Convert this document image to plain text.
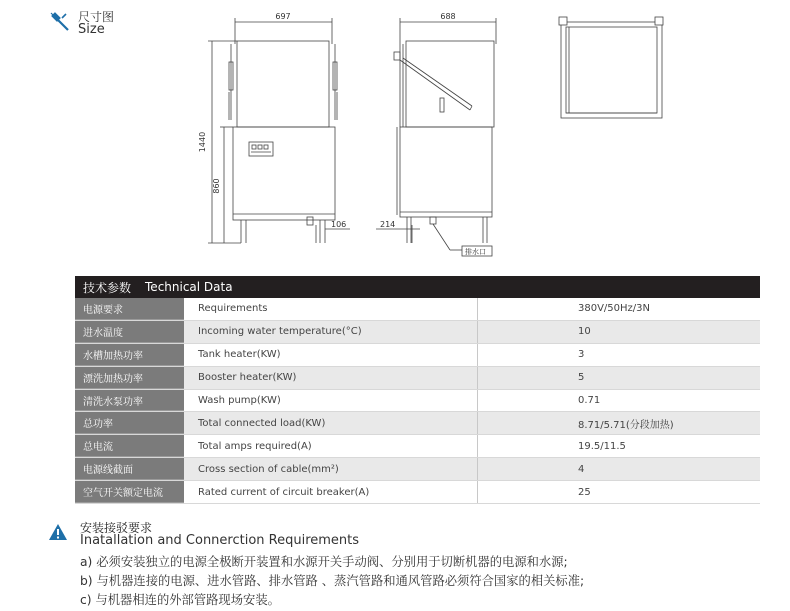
尺寸图
Size
697	688
1440
860
106	214
排水口
技术参数 Technical Data
电源要求	Requirements	380V/50Hz/3N
进水温度	Incoming water temperature(°C)	10
水槽加热功率	Tank heater(KW)	3
漂洗加热功率	Booster heater(KW)	5
清洗水泵功率	Wash pump(KW)	0.71
总功率	Total connected load(KW)	8.71/5.71(分段加热)
总电流	Total amps required(A)	19.5/11.5
电源线截面	Cross section of cable(mm²)	4
空气开关额定电流	Rated current of circuit breaker(A)	25
安装接驳要求
Inatallation and Connerction Requirements
a) 必须安装独立的电源全极断开装置和水源开关手动阀、分别用于切断机器的电源和水源;
b) 与机器连接的电源、进水管路、排水管路 、蒸汽管路和通风管路必须符合国家的相关标准;
c) 与机器相连的外部管路现场安装。
